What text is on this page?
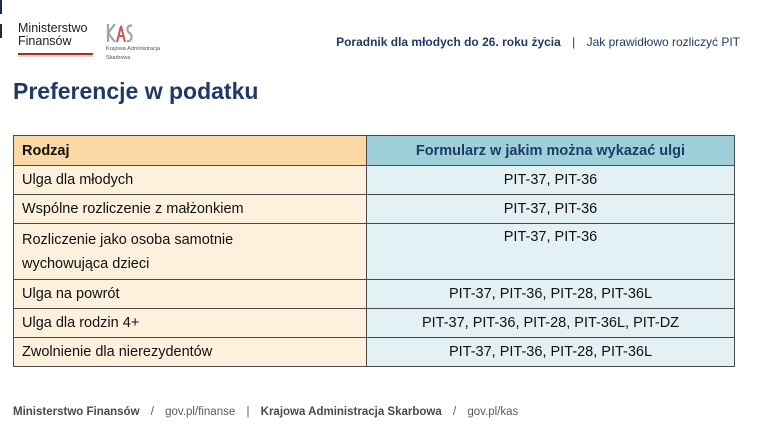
Ministerstwo
Finansów
Krajowa Administracja
Skarbowa
Poradnik dla młodych do 26. roku życia | Jak prawidłowo rozliczyć PIT
Preferencje w podatku
Rodzaj	Formularz w jakim można wykazać ulgi
Ulga dla młodych	PIT-37, PIT-36
Wspólne rozliczenie z małżonkiem	PIT-37, PIT-36
Rozliczenie jako osoba samotnie
wychowująca dzieci	PIT-37, PIT-36
Ulga na powrót	PIT-37, PIT-36, PIT-28, PIT-36L
Ulga dla rodzin 4+	PIT-37, PIT-36, PIT-28, PIT-36L, PIT-DZ
Zwolnienie dla nierezydentów	PIT-37, PIT-36, PIT-28, PIT-36L
Ministerstwo Finansów / gov.pl/finanse | Krajowa Administracja Skarbowa / gov.pl/kas
